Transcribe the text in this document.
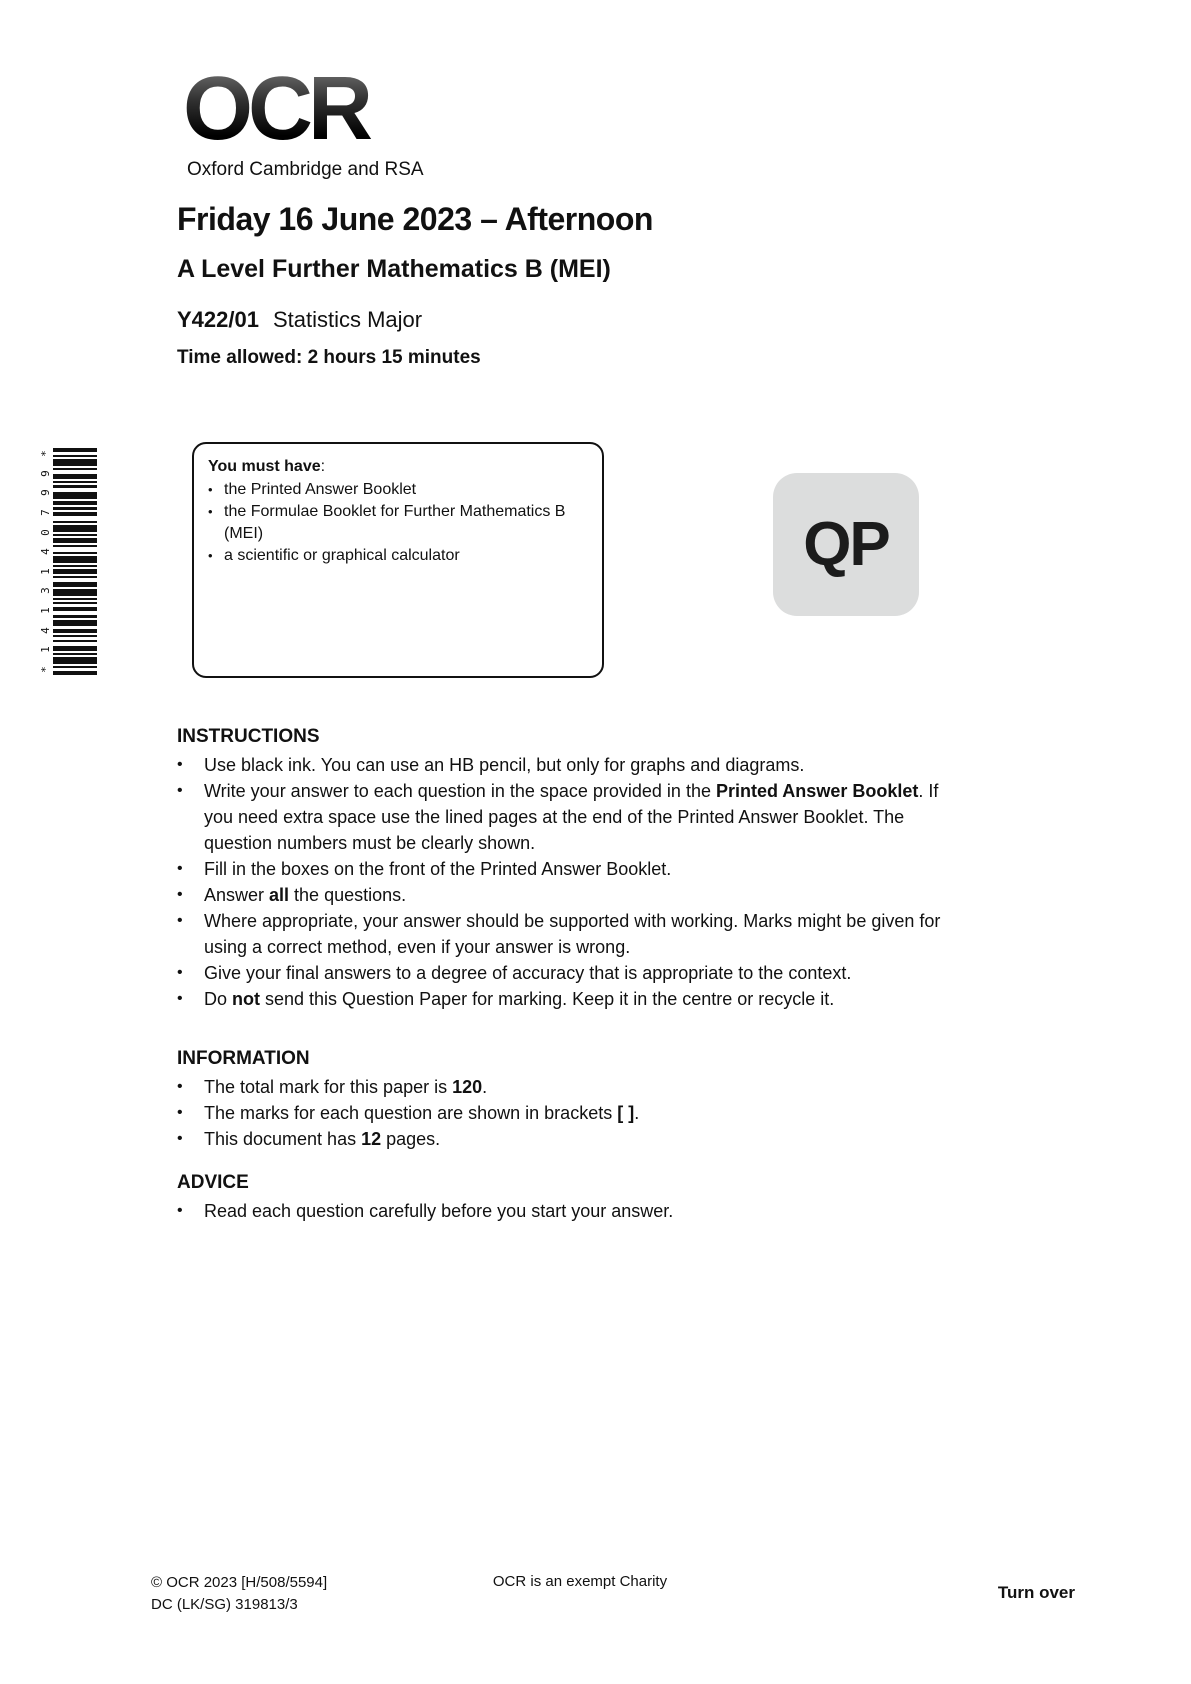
OCR
Oxford Cambridge and RSA
Friday 16 June 2023 – Afternoon
A Level Further Mathematics B (MEI)
Y422/01 Statistics Major
Time allowed: 2 hours 15 minutes
*
9
9
7
0
4
1
3
1
4
1
*
You must have:
• the Printed Answer Booklet
• the Formulae Booklet for Further Mathematics B (MEI)
• a scientific or graphical calculator	QP
INSTRUCTIONS
•	Use black ink. You can use an HB pencil, but only for graphs and diagrams.
•	Write your answer to each question in the space provided in the Printed Answer Booklet. If you need extra space use the lined pages at the end of the Printed Answer Booklet. The question numbers must be clearly shown.
•	Fill in the boxes on the front of the Printed Answer Booklet.
•	Answer all the questions.
•	Where appropriate, your answer should be supported with working. Marks might be given for using a correct method, even if your answer is wrong.
•	Give your final answers to a degree of accuracy that is appropriate to the context.
•	Do not send this Question Paper for marking. Keep it in the centre or recycle it.
INFORMATION
•	The total mark for this paper is 120.
•	The marks for each question are shown in brackets [ ].
•	This document has 12 pages.
ADVICE
•	Read each question carefully before you start your answer.
© OCR 2023 [H/508/5594]
DC (LK/SG) 319813/3
OCR is an exempt Charity
Turn over
